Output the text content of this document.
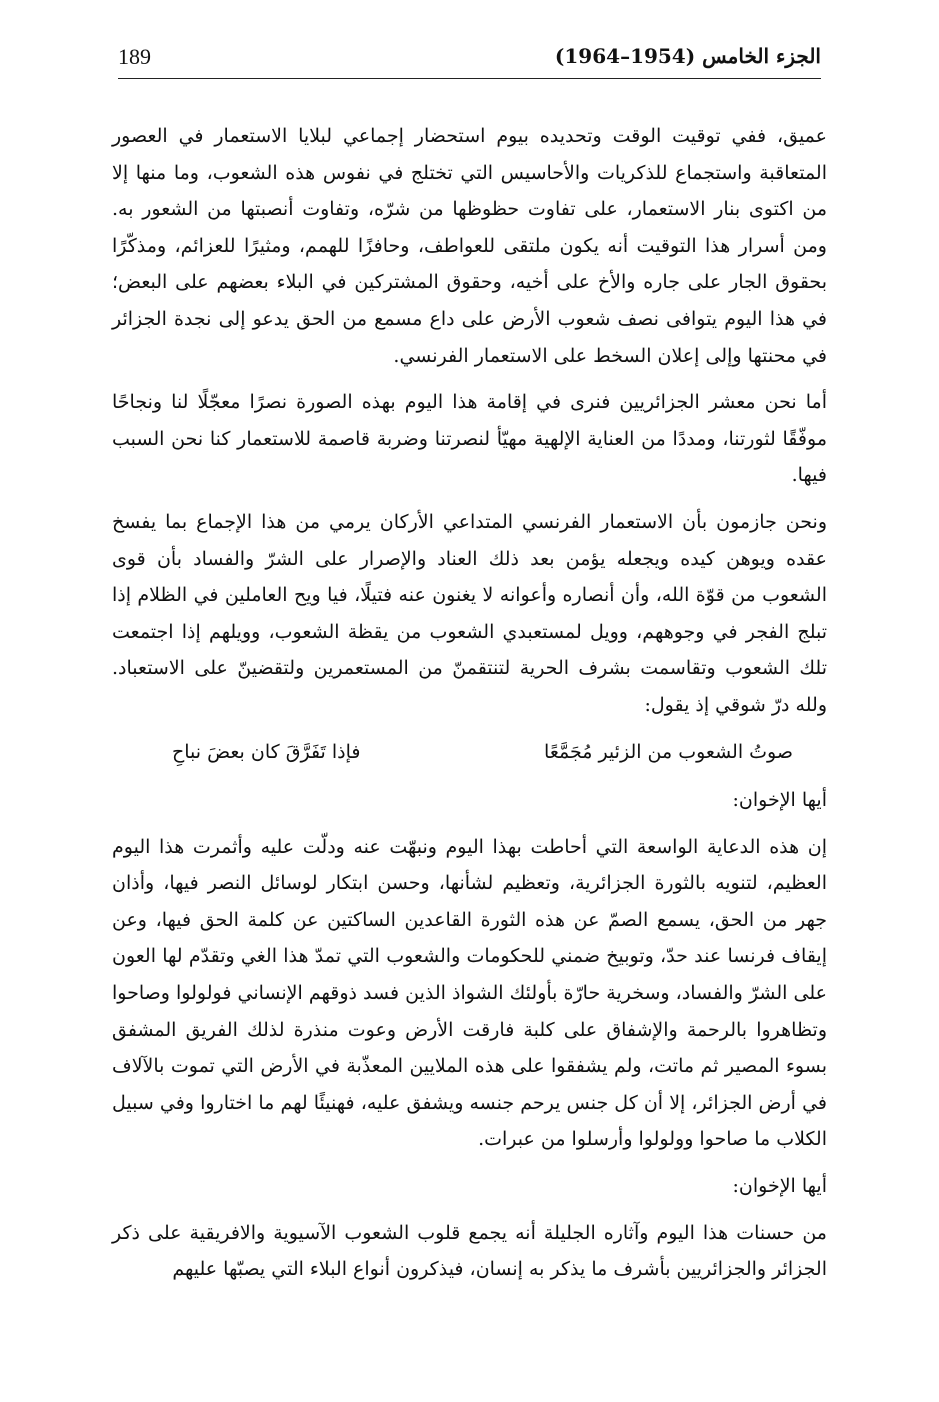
189	الجزء الخامس (1954–1964)

عميق، ففي توقيت الوقت وتحديده بيوم استحضار إجماعي لبلايا الاستعمار في العصور المتعاقبة واستجماع للذكريات والأحاسيس التي تختلج في نفوس هذه الشعوب، وما منها إلا من اكتوى بنار الاستعمار، على تفاوت حظوظها من شرّه، وتفاوت أنصبتها من الشعور به. ومن أسرار هذا التوقيت أنه يكون ملتقى للعواطف، وحافزًا للهمم، ومثيرًا للعزائم، ومذكّرًا بحقوق الجار على جاره والأخ على أخيه، وحقوق المشتركين في البلاء بعضهم على البعض؛ في هذا اليوم يتوافى نصف شعوب الأرض على داع مسمع من الحق يدعو إلى نجدة الجزائر في محنتها وإلى إعلان السخط على الاستعمار الفرنسي.

أما نحن معشر الجزائريين فنرى في إقامة هذا اليوم بهذه الصورة نصرًا معجّلًا لنا ونجاحًا موفّقًا لثورتنا، ومددًا من العناية الإلهية مهيّأ لنصرتنا وضربة قاصمة للاستعمار كنا نحن السبب فيها.

ونحن جازمون بأن الاستعمار الفرنسي المتداعي الأركان يرمي من هذا الإجماع بما يفسخ عقده ويوهن كيده ويجعله يؤمن بعد ذلك العناد والإصرار على الشرّ والفساد بأن قوى الشعوب من قوّة الله، وأن أنصاره وأعوانه لا يغنون عنه فتيلًا، فيا ويح العاملين في الظلام إذا تبلج الفجر في وجوههم، وويل لمستعبدي الشعوب من يقظة الشعوب، وويلهم إذا اجتمعت تلك الشعوب وتقاسمت بشرف الحرية لتنتقمنّ من المستعمرين ولتقضينّ على الاستعباد. ولله درّ شوقي إذ يقول:

صوتُ الشعوب من الزئير مُجَمَّعًا
فإذا تَفَرَّقَ كان بعضَ نباحِ

أيها الإخوان:

إن هذه الدعاية الواسعة التي أحاطت بهذا اليوم ونبهّت عنه ودلّت عليه وأثمرت هذا اليوم العظيم، لتنويه بالثورة الجزائرية، وتعظيم لشأنها، وحسن ابتكار لوسائل النصر فيها، وأذان جهر من الحق، يسمع الصمّ عن هذه الثورة القاعدين الساكتين عن كلمة الحق فيها، وعن إيقاف فرنسا عند حدّ، وتوبيخ ضمني للحكومات والشعوب التي تمدّ هذا الغي وتقدّم لها العون على الشرّ والفساد، وسخرية حارّة بأولئك الشواذ الذين فسد ذوقهم الإنساني فولولوا وصاحوا وتظاهروا بالرحمة والإشفاق على كلبة فارقت الأرض وعوت منذرة لذلك الفريق المشفق بسوء المصير ثم ماتت، ولم يشفقوا على هذه الملايين المعذّبة في الأرض التي تموت بالآلاف في أرض الجزائر، إلا أن كل جنس يرحم جنسه ويشفق عليه، فهنيئًا لهم ما اختاروا وفي سبيل الكلاب ما صاحوا وولولوا وأرسلوا من عبرات.

أيها الإخوان:

من حسنات هذا اليوم وآثاره الجليلة أنه يجمع قلوب الشعوب الآسيوية والافريقية على ذكر الجزائر والجزائريين بأشرف ما يذكر به إنسان، فيذكرون أنواع البلاء التي يصبّها عليهم
